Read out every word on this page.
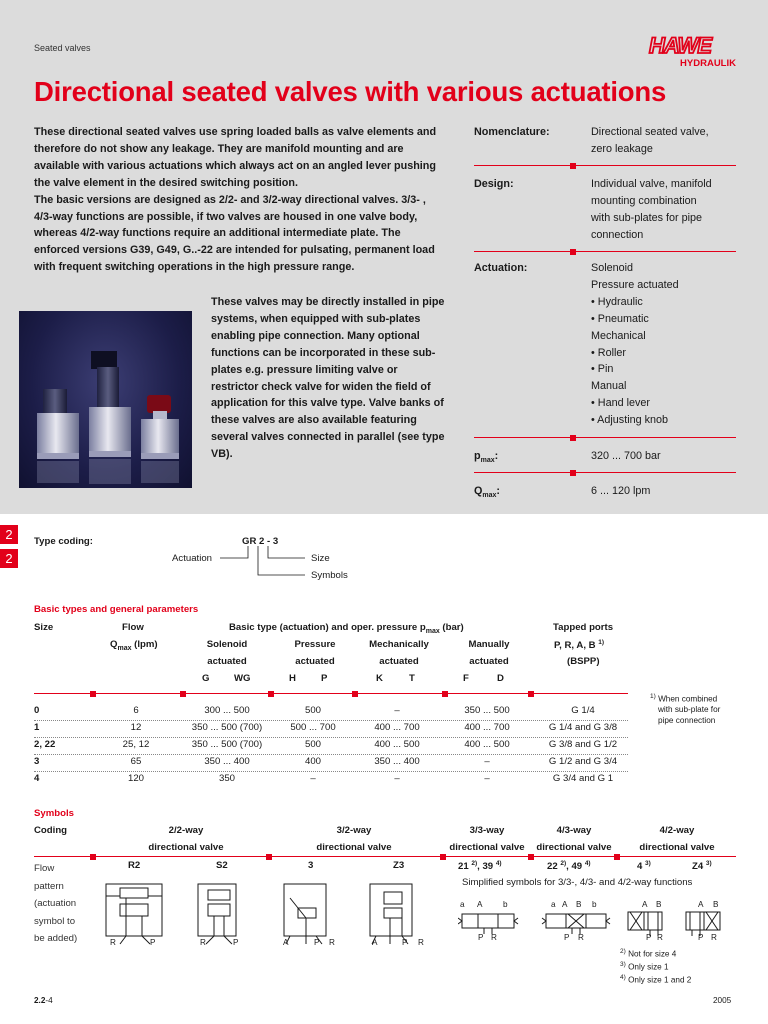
Seated valves	HAWE
HYDRAULIK
Directional seated valves with various actuations
These directional seated valves use spring loaded balls as valve elements and therefore do not show any leakage. They are manifold mounting and are available with various actuations which always act on an angled lever pushing the valve element in the desired switching position.
The basic versions are designed as 2/2- and 3/2-way directional valves. 3/3- , 4/3-way functions are possible, if two valves are housed in one valve body, whereas 4/2-way functions require an additional intermediate plate. The enforced versions G39, G49, G..-22 are intended for pulsating, permanent load with frequent switching operations in the high pressure range.
These valves may be directly installed in pipe systems, when equipped with sub-plates enabling pipe connection. Many optional functions can be incorporated in these sub-plates e.g. pressure limiting valve or restrictor check valve for widen the field of application for this valve type. Valve banks of these valves are also available featuring several valves connected in parallel (see type VB).
Nomenclature:	Directional seated valve,
zero leakage
Design:	Individual valve, manifold
mounting combination
with sub-plates for pipe
connection
Actuation:	Solenoid
Pressure actuated
• Hydraulic
• Pneumatic
Mechanical
• Roller
• Pin
Manual
• Hand lever
• Adjusting knob
$p_{max}$:	320 ... 700 bar
$Q_{max}$:	6 ... 120 lpm
2
2
Type coding:	GR 2 - 3
Actuation	Size
Symbols
Basic types and general parameters
Size	Flow
$Q_{max}$ (lpm)
Basic type (actuation) and oper. pressure $p_{max}$ (bar)	Tapped ports
P, R, A, B $^{1)}$
(BSPP)
Solenoid
actuated
Pressure
actuated
Mechanically
actuated
Manually
actuated
G	WG	H	P	K	T	F	D
$^{1)}$ When combined
with sub-plate for
pipe connection
0	6	300 ... 500	500	–	350 ... 500	G 1/4
1	12	350 ... 500 (700)	500 ... 700	400 ... 700	400 ... 700	G 1/4 and G 3/8
2, 22	25, 12	350 ... 500 (700)	500	400 ... 500	400 ... 500	G 3/8 and G 1/2
3	65	350 ... 400	400	350 ... 400	–	G 1/2 and G 3/4
4	120	350	–	–	–	G 3/4 and G 1
Symbols
Coding	2/2-way
directional valve
3/2-way
directional valve
3/3-way
directional valve
4/3-way
directional valve
4/2-way
directional valve
Flow
pattern
(actuation
symbol to
be added)
R2	S2	3	Z3	21 $^{2)}$, 39 $^{4)}$	22 $^{2)}$, 49 $^{4)}$	4 $^{3)}$	Z4 $^{3)}$
Simplified symbols for 3/3-, 4/3- and 4/2-way functions
R	P	R	P	A	P R	A	P R
a A	b
P R
a A B b
P R
A B
P R
A B
P R
$^{2)}$ Not for size 4
$^{3)}$ Only size 1
$^{4)}$ Only size 1 and 2
2.2-4	2005
